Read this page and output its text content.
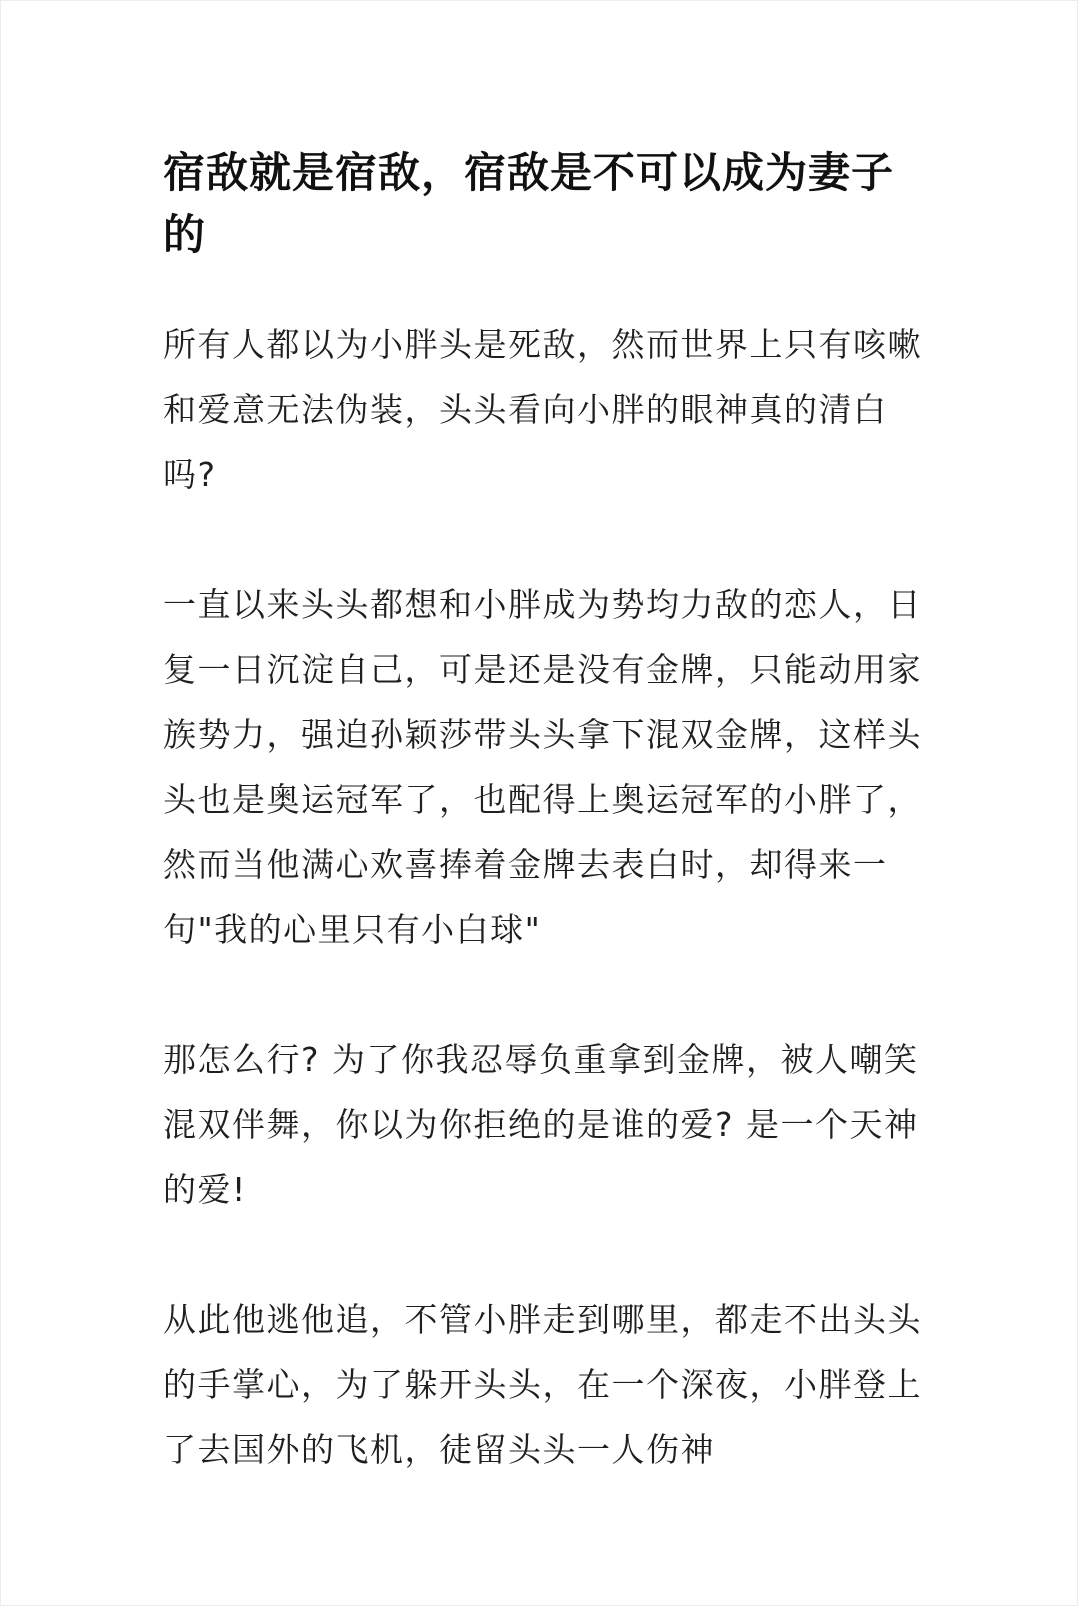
宿敌就是宿敌，宿敌是不可以成为妻子的

所有人都以为小胖头是死敌，然而世界上只有咳嗽和爱意无法伪装，头头看向小胖的眼神真的清白吗?

一直以来头头都想和小胖成为势均力敌的恋人，日复一日沉淀自己，可是还是没有金牌，只能动用家族势力，强迫孙颖莎带头头拿下混双金牌，这样头头也是奥运冠军了，也配得上奥运冠军的小胖了，然而当他满心欢喜捧着金牌去表白时，却得来一句"我的心里只有小白球"

那怎么行? 为了你我忍辱负重拿到金牌，被人嘲笑混双伴舞，你以为你拒绝的是谁的爱? 是一个天神的爱!

从此他逃他追，不管小胖走到哪里，都走不出头头的手掌心，为了躲开头头，在一个深夜，小胖登上了去国外的飞机，徒留头头一人伤神
